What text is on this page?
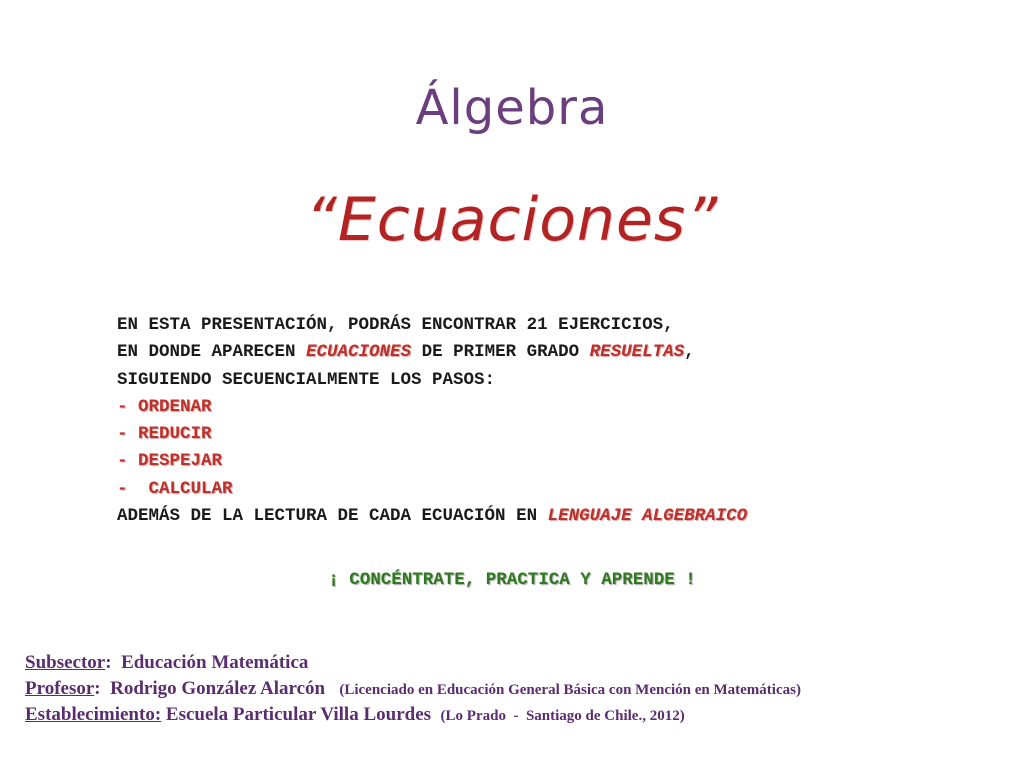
Álgebra
“Ecuaciones”
EN ESTA PRESENTACIÓN, PODRÁS ENCONTRAR 21 EJERCICIOS,
EN DONDE APARECEN ECUACIONES DE PRIMER GRADO RESUELTAS,
SIGUIENDO SECUENCIALMENTE LOS PASOS:
- ORDENAR
- REDUCIR
- DESPEJAR
-  CALCULAR
ADEMÁS DE LA LECTURA DE CADA ECUACIÓN EN LENGUAJE ALGEBRAICO
¡ CONCÉNTRATE, PRACTICA Y APRENDE !
Subsector:  Educación Matemática
Profesor:  Rodrigo González Alarcón (Licenciado en Educación General Básica con Mención en Matemáticas)
Establecimiento: Escuela Particular Villa Lourdes (Lo Prado  -  Santiago de Chile., 2012)
